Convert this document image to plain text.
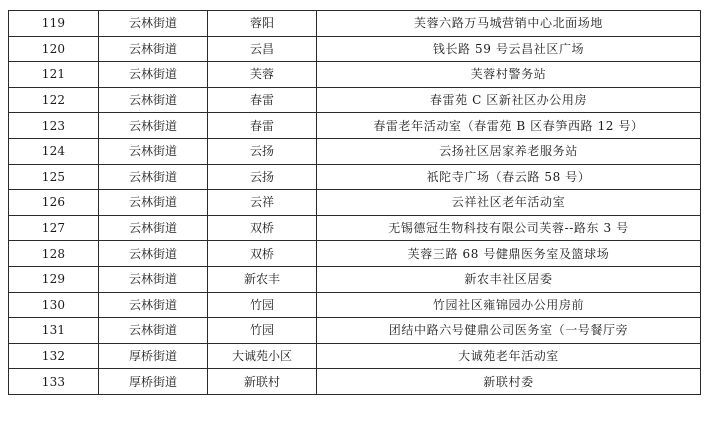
119	云林街道	蓉阳	芙蓉六路万马城营销中心北面场地
120	云林街道	云昌	钱长路 59 号云昌社区广场
121	云林街道	芙蓉	芙蓉村警务站
122	云林街道	春雷	春雷苑 C 区新社区办公用房
123	云林街道	春雷	春雷老年活动室（春雷苑 B 区春笋西路 12 号）
124	云林街道	云扬	云扬社区居家养老服务站
125	云林街道	云扬	祇陀寺广场（春云路 58 号）
126	云林街道	云祥	云祥社区老年活动室
127	云林街道	双桥	无锡德冠生物科技有限公司芙蓉--路东 3 号
128	云林街道	双桥	芙蓉三路 68 号健鼎医务室及篮球场
129	云林街道	新农丰	新农丰社区居委
130	云林街道	竹园	竹园社区雍锦园办公用房前
131	云林街道	竹园	团结中路六号健鼎公司医务室（一号餐厅旁
132	厚桥街道	大诚苑小区	大诚苑老年活动室
133	厚桥街道	新联村	新联村委
